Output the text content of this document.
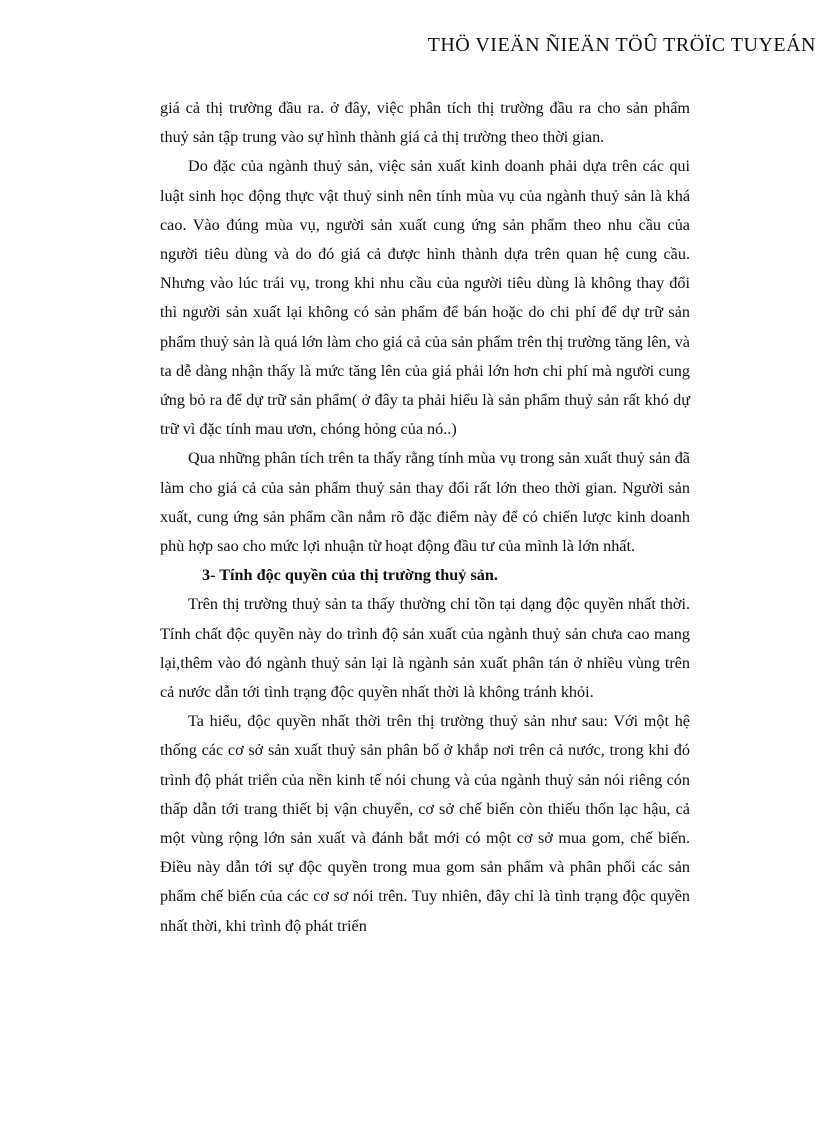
THÖ VIEÄN ÑIEÄN TÖÛ TRÖÏC TUYEÁN

giá cả thị trường đầu ra. ở đây, việc phân tích thị trường đầu ra cho sản phẩm thuỷ sản tập trung vào sự hình thành giá cả thị trường theo thời gian.

Do đặc của ngành thuỷ sản, việc sản xuất kinh doanh phải dựa trên các qui luật sinh học động thực vật thuỷ sinh nên tính mùa vụ của ngành thuỷ sản là khá cao. Vào đúng mùa vụ, người sản xuất cung ứng sản phẩm theo nhu cầu của người tiêu dùng và do đó giá cả được hình thành dựa trên quan hệ cung cầu. Nhưng vào lúc trái vụ, trong khi nhu cầu của người tiêu dùng là không thay đổi thì người sản xuất lại không có sản phẩm để bán hoặc do chi phí để dự trữ sản phẩm thuỷ sản là quá lớn làm cho giá cả của sản phẩm trên thị trường tăng lên, và ta dễ dàng nhận thấy là mức tăng lên của giá phải lớn hơn chi phí mà người cung ứng bỏ ra để dự trữ sản phẩm( ở đây ta phải hiểu là sản phẩm thuỷ sản rất khó dự trữ vì đặc tính mau ươn, chóng hỏng của nó..)

Qua những phân tích trên ta thấy rằng tính mùa vụ trong sản xuất thuỷ sản đã làm cho giá cả của sản phẩm thuỷ sản thay đổi rất lớn theo thời gian. Người sản xuất, cung ứng sản phẩm cần nắm rõ đặc điểm này để có chiến lược kinh doanh phù hợp sao cho mức lợi nhuận từ hoạt động đầu tư của mình là lớn nhất.

3- Tính độc quyền của thị trường thuỷ sản.

Trên thị trường thuỷ sản ta thấy thường chỉ tồn tại dạng độc quyền nhất thời. Tính chất độc quyền này do trình độ sản xuất của ngành thuỷ sản chưa cao mang lại,thêm vào đó ngành thuỷ sản lại là ngành sản xuất phân tán ở nhiều vùng trên cả nước dẫn tới tình trạng độc quyền nhất thời là không tránh khỏi.

Ta hiểu, độc quyền nhất thời trên thị trường thuỷ sản như sau: Với một hệ thống các cơ sở sản xuất thuỷ sản phân bố ở khắp nơi trên cả nước, trong khi đó trình độ phát triển của nền kinh tế nói chung và của ngành thuỷ sản nói riêng cón thấp dẫn tới trang thiết bị vận chuyển, cơ sở chế biến còn thiếu thốn lạc hậu, cả một vùng rộng lớn sản xuất và đánh bắt mới có một cơ sở mua gom, chế biến. Điều này dẫn tới sự độc quyền trong mua gom sản phẩm và phân phối các sản phẩm chế biến của các cơ sơ nói trên. Tuy nhiên, đây chỉ là tình trạng độc quyền nhất thời, khi trình độ phát triển
